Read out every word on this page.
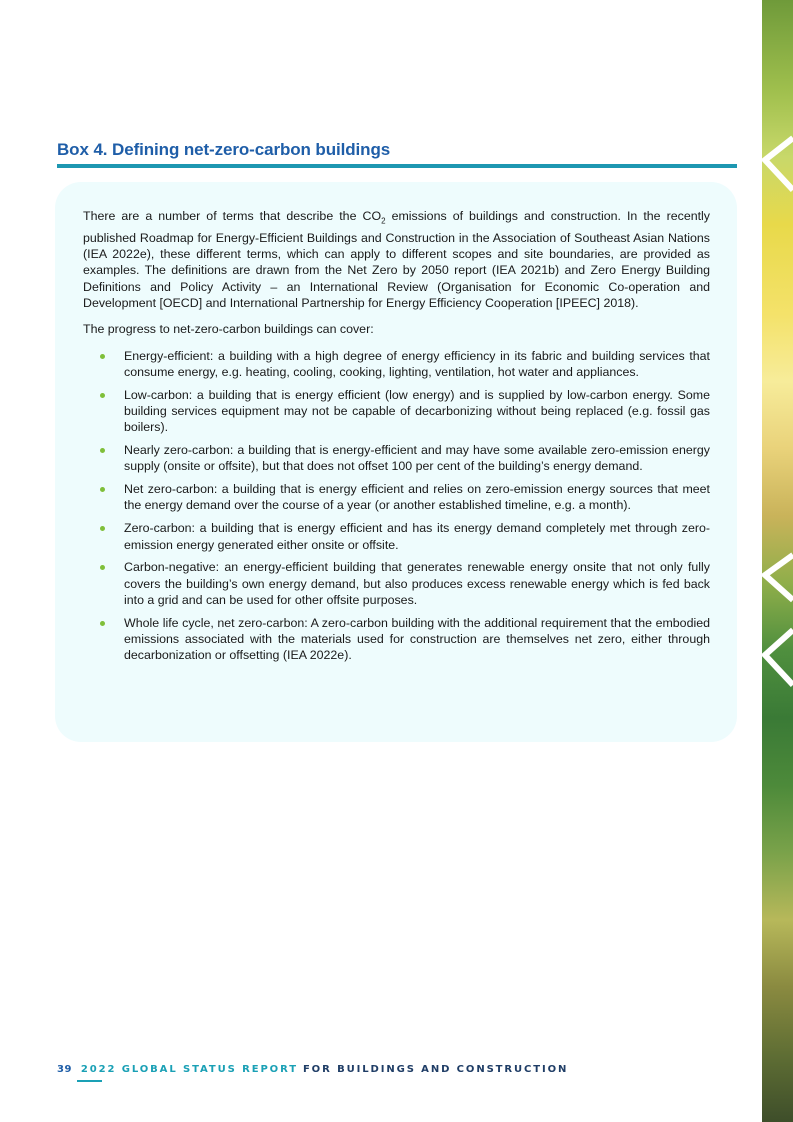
Box 4. Defining net-zero-carbon buildings

There are a number of terms that describe the $CO_2$ emissions of buildings and construction. In the recently published Roadmap for Energy-Efficient Buildings and Construction in the Association of Southeast Asian Nations (IEA 2022e), these different terms, which can apply to different scopes and site boundaries, are provided as examples. The definitions are drawn from the Net Zero by 2050 report (IEA 2021b) and Zero Energy Building Definitions and Policy Activity – an International Review (Organisation for Economic Co-operation and Development [OECD] and International Partnership for Energy Efficiency Cooperation [IPEEC] 2018).

The progress to net-zero-carbon buildings can cover:

Energy-efficient: a building with a high degree of energy efficiency in its fabric and building services that consume energy, e.g. heating, cooling, cooking, lighting, ventilation, hot water and appliances.
Low-carbon: a building that is energy efficient (low energy) and is supplied by low-carbon energy. Some building services equipment may not be capable of decarbonizing without being replaced (e.g. fossil gas boilers).
Nearly zero-carbon: a building that is energy-efficient and may have some available zero-emission energy supply (onsite or offsite), but that does not offset 100 per cent of the building’s energy demand.
Net zero-carbon: a building that is energy efficient and relies on zero-emission energy sources that meet the energy demand over the course of a year (or another established timeline, e.g. a month).
Zero-carbon: a building that is energy efficient and has its energy demand completely met through zero-emission energy generated either onsite or offsite.
Carbon-negative: an energy-efficient building that generates renewable energy onsite that not only fully covers the building’s own energy demand, but also produces excess renewable energy which is fed back into a grid and can be used for other offsite purposes.
Whole life cycle, net zero-carbon: A zero-carbon building with the additional requirement that the embodied emissions associated with the materials used for construction are themselves net zero, either through decarbonization or offsetting (IEA 2022e).
39 2022 GLOBAL STATUS REPORT FOR BUILDINGS AND CONSTRUCTION
